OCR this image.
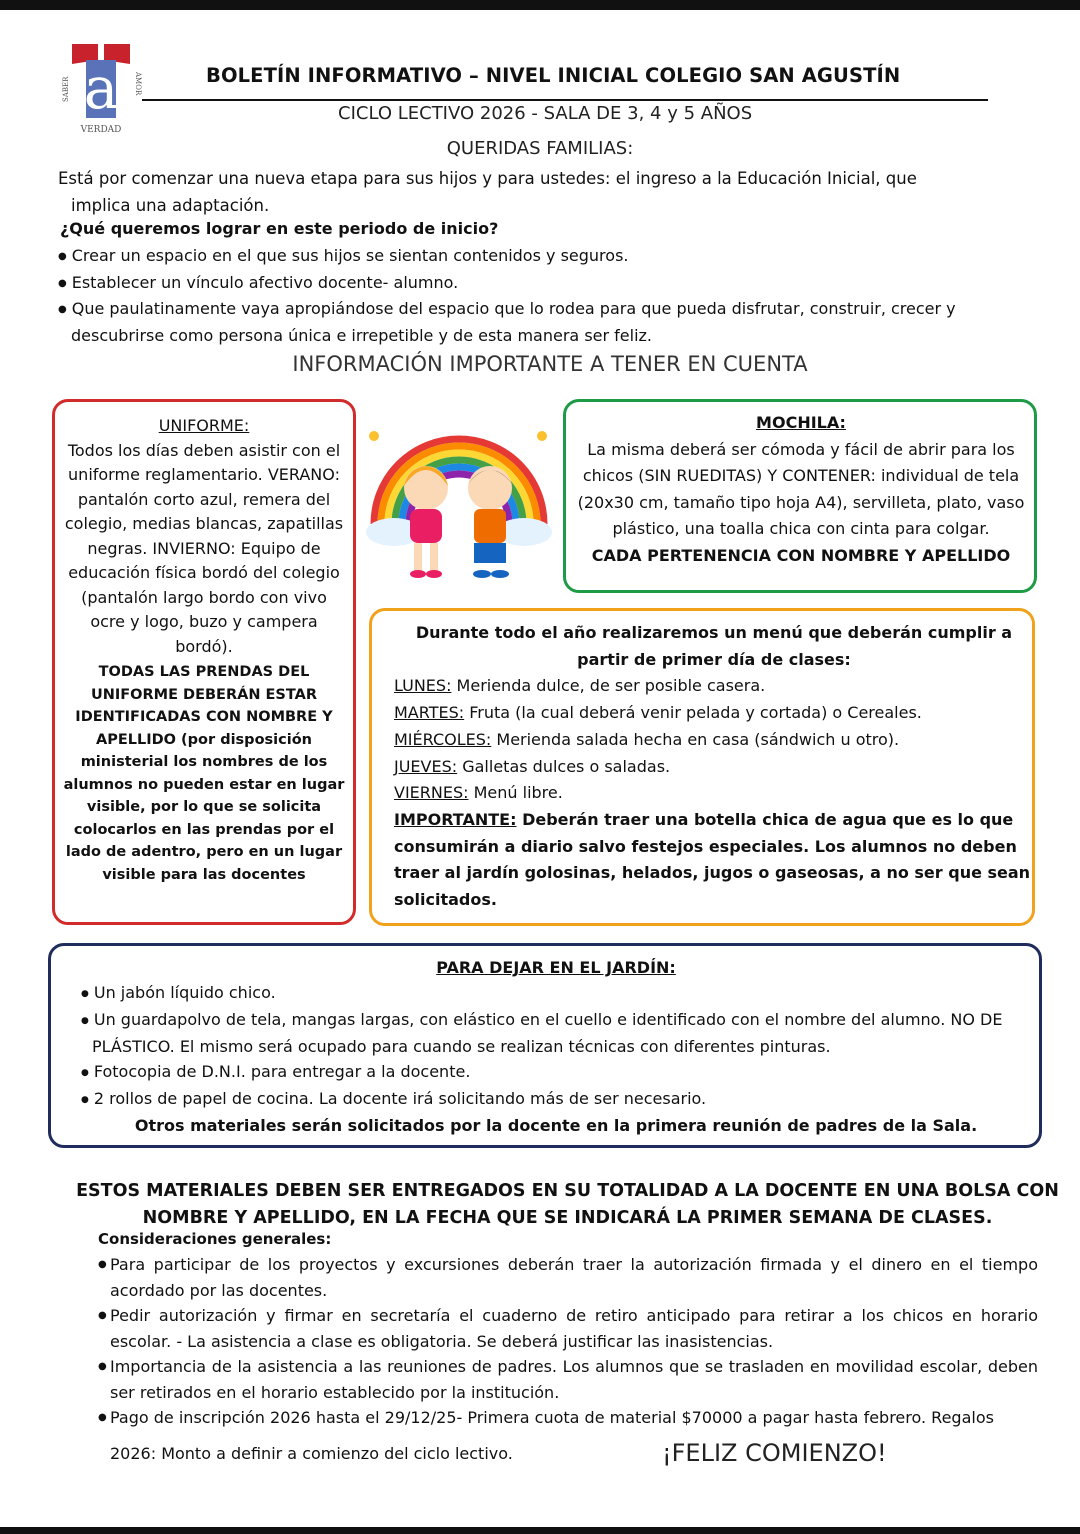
a
SABER	AMOR
VERDAD
BOLETÍN INFORMATIVO – NIVEL INICIAL COLEGIO SAN AGUSTÍN
CICLO LECTIVO 2026 - SALA DE 3, 4 y 5 AÑOS
QUERIDAS FAMILIAS:
Está por comenzar una nueva etapa para sus hijos y para ustedes: el ingreso a la Educación Inicial, que
implica una adaptación.
¿Qué queremos lograr en este periodo de inicio?
● Crear un espacio en el que sus hijos se sientan contenidos y seguros.
● Establecer un vínculo afectivo docente- alumno.
● Que paulatinamente vaya apropiándose del espacio que lo rodea para que pueda disfrutar, construir, crecer y descubrirse como persona única e irrepetible y de esta manera ser feliz.
INFORMACIÓN IMPORTANTE A TENER EN CUENTA
UNIFORME:
Todos los días deben asistir con el uniforme reglamentario. VERANO: pantalón corto azul, remera del colegio, medias blancas, zapatillas negras. INVIERNO: Equipo de educación física bordó del colegio (pantalón largo bordo con vivo ocre y logo, buzo y campera bordó).
TODAS LAS PRENDAS DEL UNIFORME DEBERÁN ESTAR IDENTIFICADAS CON NOMBRE Y APELLIDO (por disposición ministerial los nombres de los alumnos no pueden estar en lugar visible, por lo que se solicita colocarlos en las prendas por el lado de adentro, pero en un lugar visible para las docentes
MOCHILA:
La misma deberá ser cómoda y fácil de abrir para los chicos (SIN RUEDITAS) Y CONTENER: individual de tela (20x30 cm, tamaño tipo hoja A4), servilleta, plato, vaso plástico, una toalla chica con cinta para colgar.
CADA PERTENENCIA CON NOMBRE Y APELLIDO
Durante todo el año realizaremos un menú que deberán cumplir a partir de primer día de clases:
LUNES: Merienda dulce, de ser posible casera.
MARTES: Fruta (la cual deberá venir pelada y cortada) o Cereales.
MIÉRCOLES: Merienda salada hecha en casa (sándwich u otro).
JUEVES: Galletas dulces o saladas.
VIERNES: Menú libre.
IMPORTANTE: Deberán traer una botella chica de agua que es lo que consumirán a diario salvo festejos especiales. Los alumnos no deben traer al jardín golosinas, helados, jugos o gaseosas, a no ser que sean solicitados.
PARA DEJAR EN EL JARDÍN:
● Un jabón líquido chico.
● Un guardapolvo de tela, mangas largas, con elástico en el cuello e identificado con el nombre del alumno. NO DE PLÁSTICO. El mismo será ocupado para cuando se realizan técnicas con diferentes pinturas.
● Fotocopia de D.N.I. para entregar a la docente.
● 2 rollos de papel de cocina. La docente irá solicitando más de ser necesario.
Otros materiales serán solicitados por la docente en la primera reunión de padres de la Sala.
ESTOS MATERIALES DEBEN SER ENTREGADOS EN SU TOTALIDAD A LA DOCENTE EN UNA BOLSA CON
NOMBRE Y APELLIDO, EN LA FECHA QUE SE INDICARÁ LA PRIMER SEMANA DE CLASES.
Consideraciones generales:
● Para participar de los proyectos y excursiones deberán traer la autorización firmada y el dinero en el tiempo acordado por las docentes.
● Pedir autorización y firmar en secretaría el cuaderno de retiro anticipado para retirar a los chicos en horario escolar. - La asistencia a clase es obligatoria. Se deberá justificar las inasistencias.
● Importancia de la asistencia a las reuniones de padres. Los alumnos que se trasladen en movilidad escolar, deben ser retirados en el horario establecido por la institución.
● Pago de inscripción 2026 hasta el 29/12/25- Primera cuota de material $70000 a pagar hasta febrero. Regalos
2026: Monto a definir a comienzo del ciclo lectivo.	¡FELIZ COMIENZO!
